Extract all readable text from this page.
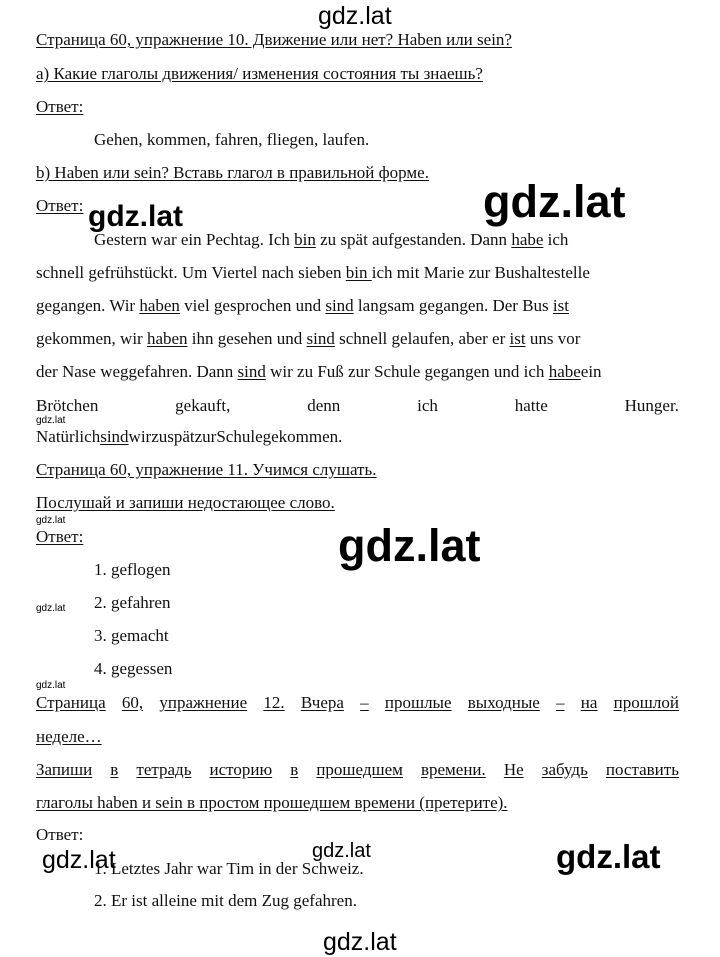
gdz.lat
gdz.lat
gdz.lat
gdz.lat
gdz.lat
gdz.lat
gdz.lat
gdz.lat
gdz.lat	gdz.lat	gdz.lat
gdz.lat
Страница 60, упражнение 10. Движение или нет? Haben или sein?
а) Какие глаголы движения/ изменения состояния ты знаешь?
Ответ:
Gehen, kommen, fahren, fliegen, laufen.
b) Haben или sein? Вставь глагол в правильной форме.
Ответ:
Gestern war ein Pechtag. Ich bin zu spät aufgestanden. Dann habe ich
schnell gefrühstückt. Um Viertel nach sieben bin ich mit Marie zur Bushaltestelle
gegangen. Wir haben viel gesprochen und sind langsam gegangen. Der Bus ist
gekommen, wir haben ihn gesehen und sind schnell gelaufen, aber er ist uns vor
der Nase weggefahren. Dann sind wir zu Fuß zur Schule gegangen und ich habeein
Brötchen	gekauft,	denn	ich	hatte	Hunger.
NatürlichsindwirzuspätzurSchulegekommen.
Страница 60, упражнение 11. Учимся слушать.
Послушай и запиши недостающее слово.
Ответ:
1. geflogen
2. gefahren
3. gemacht
4. gegessen
Страница 60, упражнение 12. Вчера – прошлые выходные – на прошлой
неделе…
Запиши в тетрадь историю в прошедшем времени. Не забудь поставить
глаголы haben и sein в простом прошедшем времени (претерите).
Ответ:
1. Letztes Jahr war Tim in der Schweiz.
2. Er ist alleine mit dem Zug gefahren.
